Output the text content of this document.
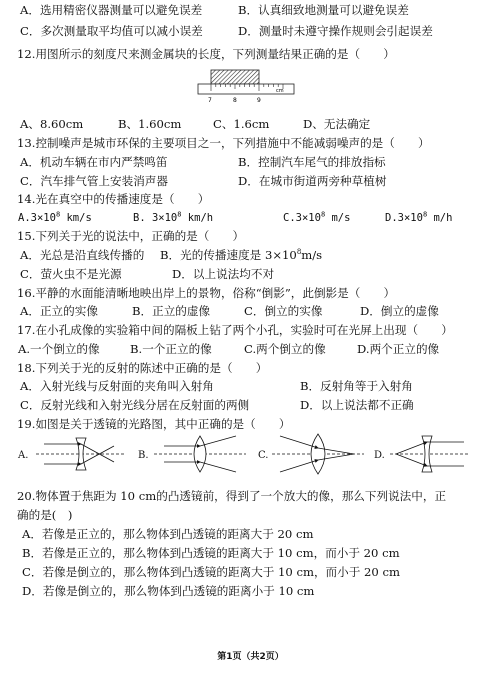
A．选用精密仪器测量可以避免误差	B．认真细致地测量可以避免误差
C．多次测量取平均值可以减小误差	D．测量时未遵守操作规则会引起误差
12.用图所示的刻度尺来测金属块的长度，下列测量结果正确的是（　　）
7	8	9
cm
A、8.60cm	B、1.60cm	C、1.6cm	D、无法确定
13.控制噪声是城市环保的主要项目之一，下列措施中不能减弱噪声的是（　　）
A．机动车辆在市内严禁鸣笛	B．控制汽车尾气的排放指标
C．汽车排气管上安装消声器	D．在城市街道两旁种草植树
14.光在真空中的传播速度是（　　）
$A.3\times 10^8$ km/s	B. $3\times 10^8$ km/h	$C.3\times 10^8$ m/s	$D.3\times 10^8$ m/h
15.下列关于光的说法中，正确的是（　　）
A．光总是沿直线传播的 B．光的传播速度是 $3\times 10^8m/s$
C．萤火虫不是光源	D．以上说法均不对
16.平静的水面能清晰地映出岸上的景物，俗称“倒影”，此倒影是（　　）
A．正立的实像	B．正立的虚像	C．倒立的实像	D．倒立的虚像
17.在小孔成像的实验箱中间的隔板上钻了两个小孔，实验时可在光屏上出现（　　）
A.一个倒立的像	B.一个正立的像	C.两个倒立的像	D.两个正立的像
18.下列关于光的反射的陈述中正确的是（　　）
A．入射光线与反射面的夹角叫入射角	B．反射角等于入射角
C．反射光线和入射光线分居在反射面的两侧	D．以上说法都不正确
19.如图是关于透镜的光路图，其中正确的是（　　）
A.	B.	C.	D.
20.物体置于焦距为 10 cm的凸透镜前，得到了一个放大的像，那么下列说法中，正
确的是(　)
A．若像是正立的，那么物体到凸透镜的距离大于 20 cm
B．若像是正立的，那么物体到凸透镜的距离大于 10 cm，而小于 20 cm
C．若像是倒立的，那么物体到凸透镜的距离大于 10 cm，而小于 20 cm
D．若像是倒立的，那么物体到凸透镜的距离小于 10 cm
第1页（共2页）
